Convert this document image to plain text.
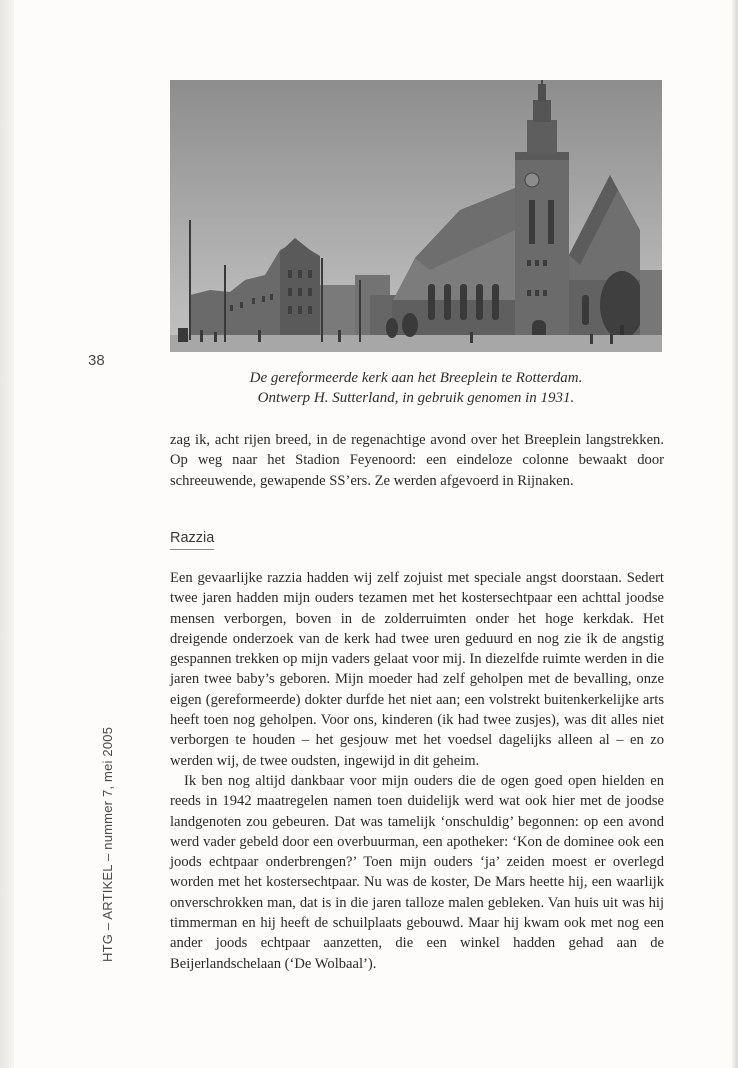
38
HTG – ARTIKEL – nummer 7, mei 2005
De gereformeerde kerk aan het Breeplein te Rotterdam.
Ontwerp H. Sutterland, in gebruik genomen in 1931.

zag ik, acht rijen breed, in de regenachtige avond over het Breeplein langstrekken. Op weg naar het Stadion Feyenoord: een eindeloze colonne bewaakt door schreeuwende, gewapende SS’ers. Ze werden afgevoerd in Rijnaken.

Razzia

Een gevaarlijke razzia hadden wij zelf zojuist met speciale angst doorstaan. Sedert twee jaren hadden mijn ouders tezamen met het kostersechtpaar een achttal joodse mensen verborgen, boven in de zolderruimten onder het hoge kerkdak. Het dreigende onderzoek van de kerk had twee uren geduurd en nog zie ik de angstig gespannen trekken op mijn vaders gelaat voor mij. In diezelfde ruimte werden in die jaren twee baby’s geboren. Mijn moeder had zelf geholpen met de bevalling, onze eigen (gereformeerde) dokter durfde het niet aan; een volstrekt buitenkerkelijke arts heeft toen nog geholpen. Voor ons, kinderen (ik had twee zusjes), was dit alles niet verborgen te houden – het gesjouw met het voedsel dagelijks alleen al – en zo werden wij, de twee oudsten, ingewijd in dit geheim.

Ik ben nog altijd dankbaar voor mijn ouders die de ogen goed open hielden en reeds in 1942 maatregelen namen toen duidelijk werd wat ook hier met de joodse landgenoten zou gebeuren. Dat was tamelijk ‘onschuldig’ begonnen: op een avond werd vader gebeld door een overbuurman, een apotheker: ‘Kon de dominee ook een joods echtpaar onderbrengen?’ Toen mijn ouders ‘ja’ zeiden moest er overlegd worden met het kostersechtpaar. Nu was de koster, De Mars heette hij, een waarlijk onverschrokken man, dat is in die jaren talloze malen gebleken. Van huis uit was hij timmerman en hij heeft de schuilplaats gebouwd. Maar hij kwam ook met nog een ander joods echtpaar aanzetten, die een winkel hadden gehad aan de Beijerlandschelaan (‘De Wolbaal’).
